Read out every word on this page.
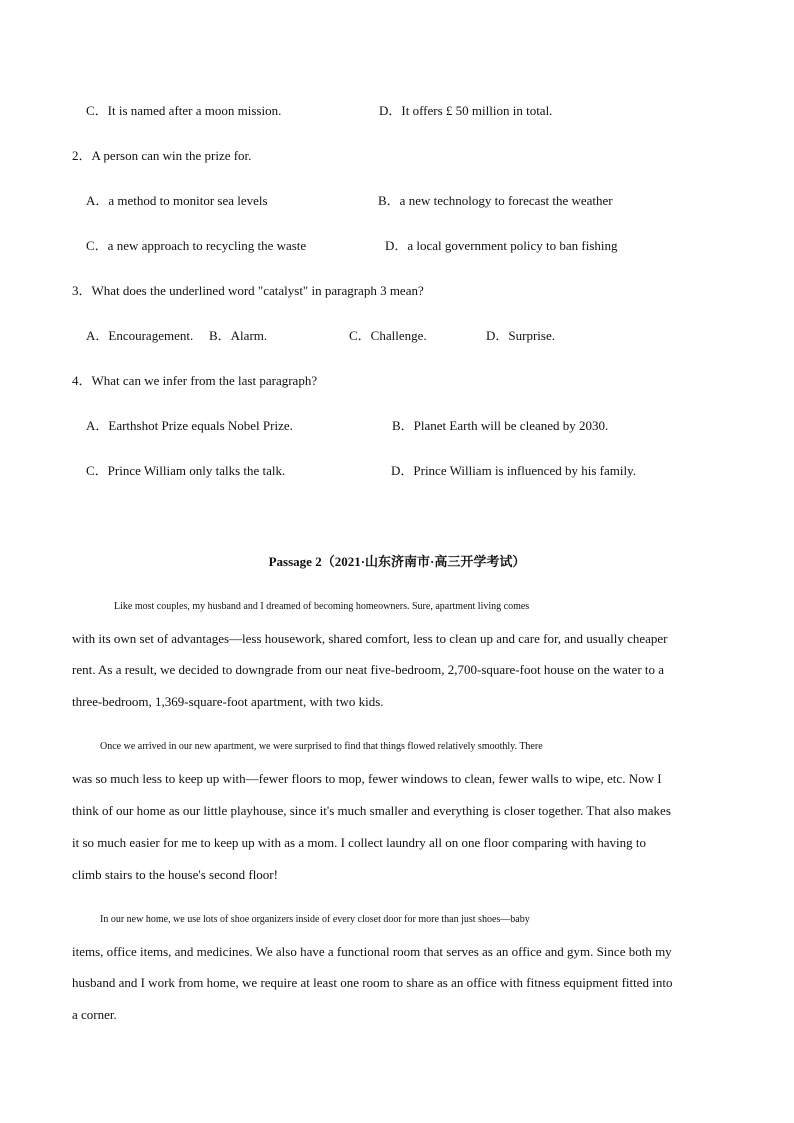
C．It is named after a moon mission.	D．It offers £ 50 million in total.
2．A person can win the prize for.
A．a method to monitor sea levels	B．a new technology to forecast the weather
C．a new approach to recycling the waste	D．a local government policy to ban fishing
3．What does the underlined word "catalyst" in paragraph 3 mean?
A．Encouragement. B．Alarm.	C．Challenge.	D．Surprise.
4．What can we infer from the last paragraph?
A．Earthshot Prize equals Nobel Prize.	B．Planet Earth will be cleaned by 2030.
C．Prince William only talks the talk.	D．Prince William is influenced by his family.
Passage 2（2021·山东济南市·高三开学考试）
Like most couples, my husband and I dreamed of becoming homeowners. Sure, apartment living comes
with its own set of advantages—less housework, shared comfort, less to clean up and care for, and usually cheaper
rent. As a result, we decided to downgrade from our neat five-bedroom, 2,700-square-foot house on the water to a
three-bedroom, 1,369-square-foot apartment, with two kids.
Once we arrived in our new apartment, we were surprised to find that things flowed relatively smoothly. There
was so much less to keep up with—fewer floors to mop, fewer windows to clean, fewer walls to wipe, etc. Now I
think of our home as our little playhouse, since it's much smaller and everything is closer together. That also makes
it so much easier for me to keep up with as a mom. I collect laundry all on one floor comparing with having to
climb stairs to the house's second floor!
In our new home, we use lots of shoe organizers inside of every closet door for more than just shoes—baby
items, office items, and medicines. We also have a functional room that serves as an office and gym. Since both my
husband and I work from home, we require at least one room to share as an office with fitness equipment fitted into
a corner.
